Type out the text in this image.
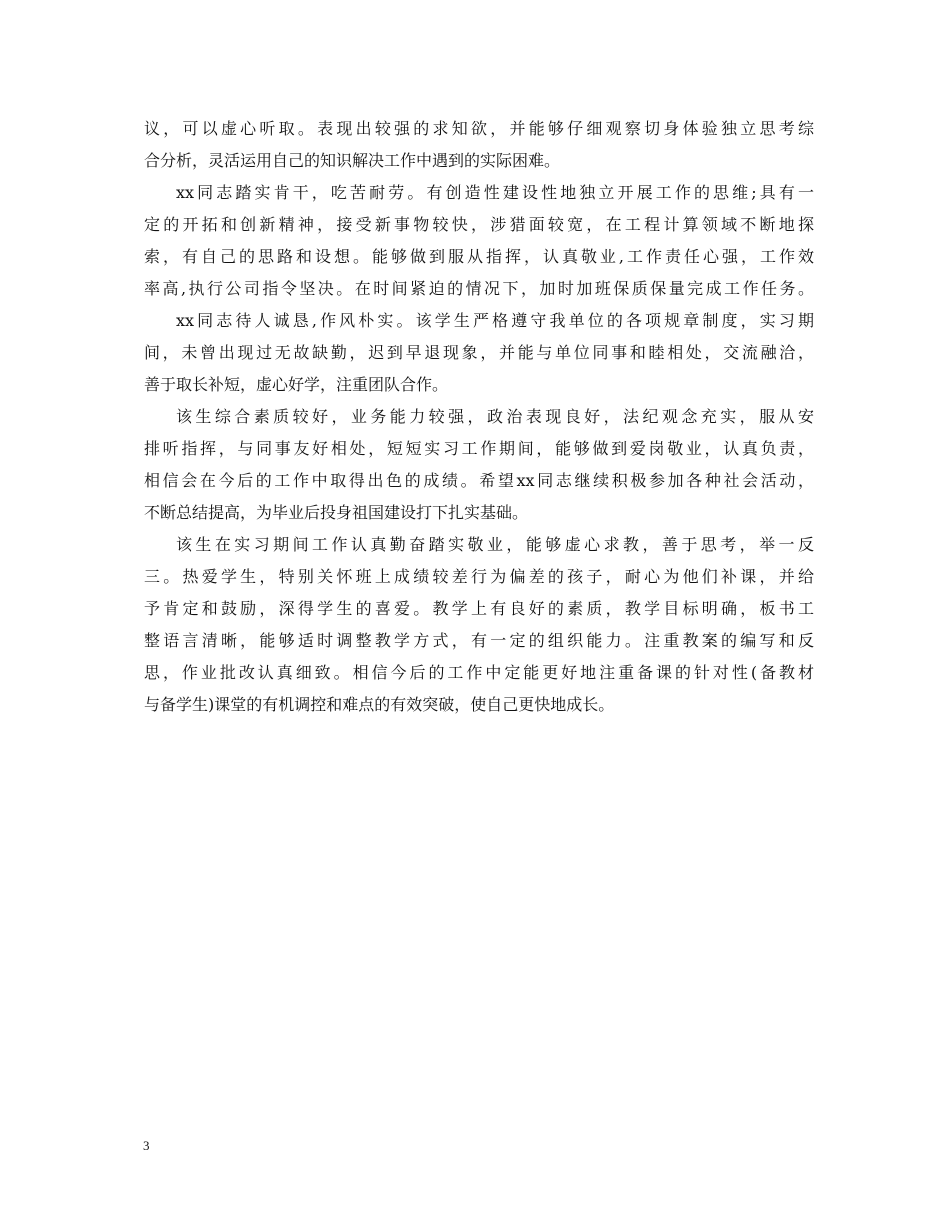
议，可以虚心听取。表现出较强的求知欲，并能够仔细观察切身体验独立思考综
合分析，灵活运用自己的知识解决工作中遇到的实际困难。

xx同志踏实肯干，吃苦耐劳。有创造性建设性地独立开展工作的思维;具有一
定的开拓和创新精神，接受新事物较快，涉猎面较宽，在工程计算领域不断地探
索，有自己的思路和设想。能够做到服从指挥，认真敬业,工作责任心强，工作效
率高,执行公司指令坚决。在时间紧迫的情况下，加时加班保质保量完成工作任务。

xx同志待人诚恳,作风朴实。该学生严格遵守我单位的各项规章制度，实习期
间，未曾出现过无故缺勤，迟到早退现象，并能与单位同事和睦相处，交流融洽，
善于取长补短，虚心好学，注重团队合作。

该生综合素质较好，业务能力较强，政治表现良好，法纪观念充实，服从安
排听指挥，与同事友好相处，短短实习工作期间，能够做到爱岗敬业，认真负责，
相信会在今后的工作中取得出色的成绩。希望xx同志继续积极参加各种社会活动，
不断总结提高，为毕业后投身祖国建设打下扎实基础。

该生在实习期间工作认真勤奋踏实敬业，能够虚心求教，善于思考，举一反
三。热爱学生，特别关怀班上成绩较差行为偏差的孩子，耐心为他们补课，并给
予肯定和鼓励，深得学生的喜爱。教学上有良好的素质，教学目标明确，板书工
整语言清晰，能够适时调整教学方式，有一定的组织能力。注重教案的编写和反
思，作业批改认真细致。相信今后的工作中定能更好地注重备课的针对性(备教材
与备学生)课堂的有机调控和难点的有效突破，使自己更快地成长。

3
